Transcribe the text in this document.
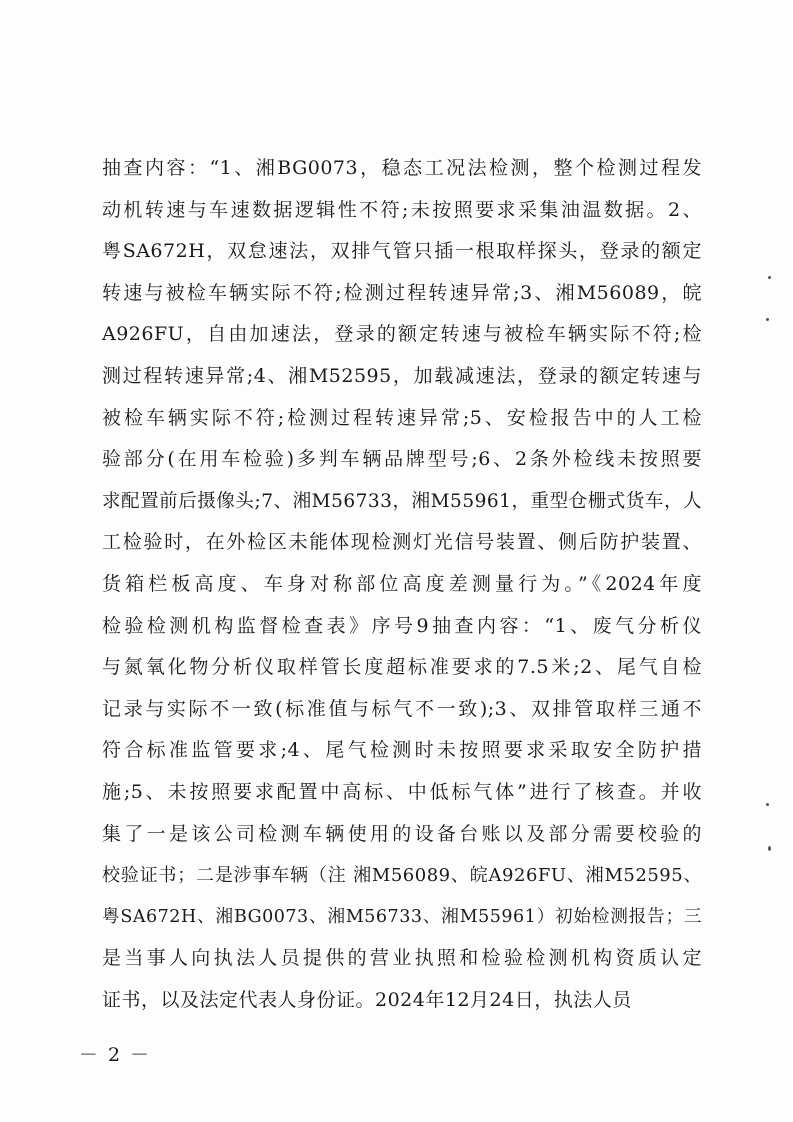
抽查内容：“1、湘BG0073，稳态工况法检测，整个检测过程发
动机转速与车速数据逻辑性不符;未按照要求采集油温数据。2、
粤SA672H，双怠速法，双排气管只插一根取样探头，登录的额定
转速与被检车辆实际不符;检测过程转速异常;3、湘M56089，皖
A926FU，自由加速法，登录的额定转速与被检车辆实际不符;检
测过程转速异常;4、湘M52595，加载减速法，登录的额定转速与
被检车辆实际不符;检测过程转速异常;5、安检报告中的人工检
验部分(在用车检验)多判车辆品牌型号;6、2条外检线未按照要
求配置前后摄像头;7、湘M56733，湘M55961，重型仓栅式货车，人
工检验时，在外检区未能体现检测灯光信号装置、侧后防护装置、
货箱栏板高度、车身对称部位高度差测量行为。”《2024年度
检验检测机构监督检查表》序号9抽查内容：“1、废气分析仪
与氮氧化物分析仪取样管长度超标准要求的7.5米;2、尾气自检
记录与实际不一致(标准值与标气不一致);3、双排管取样三通不
符合标准监管要求;4、尾气检测时未按照要求采取安全防护措
施;5、未按照要求配置中高标、中低标气体”进行了核查。并收
集了一是该公司检测车辆使用的设备台账以及部分需要校验的
校验证书；二是涉事车辆（注 湘M56089、皖A926FU、湘M52595、
粤SA672H、湘BG0073、湘M56733、湘M55961）初始检测报告；三
是当事人向执法人员提供的营业执照和检验检测机构资质认定
证书，以及法定代表人身份证。2024年12月24日，执法人员
－ 2 －
